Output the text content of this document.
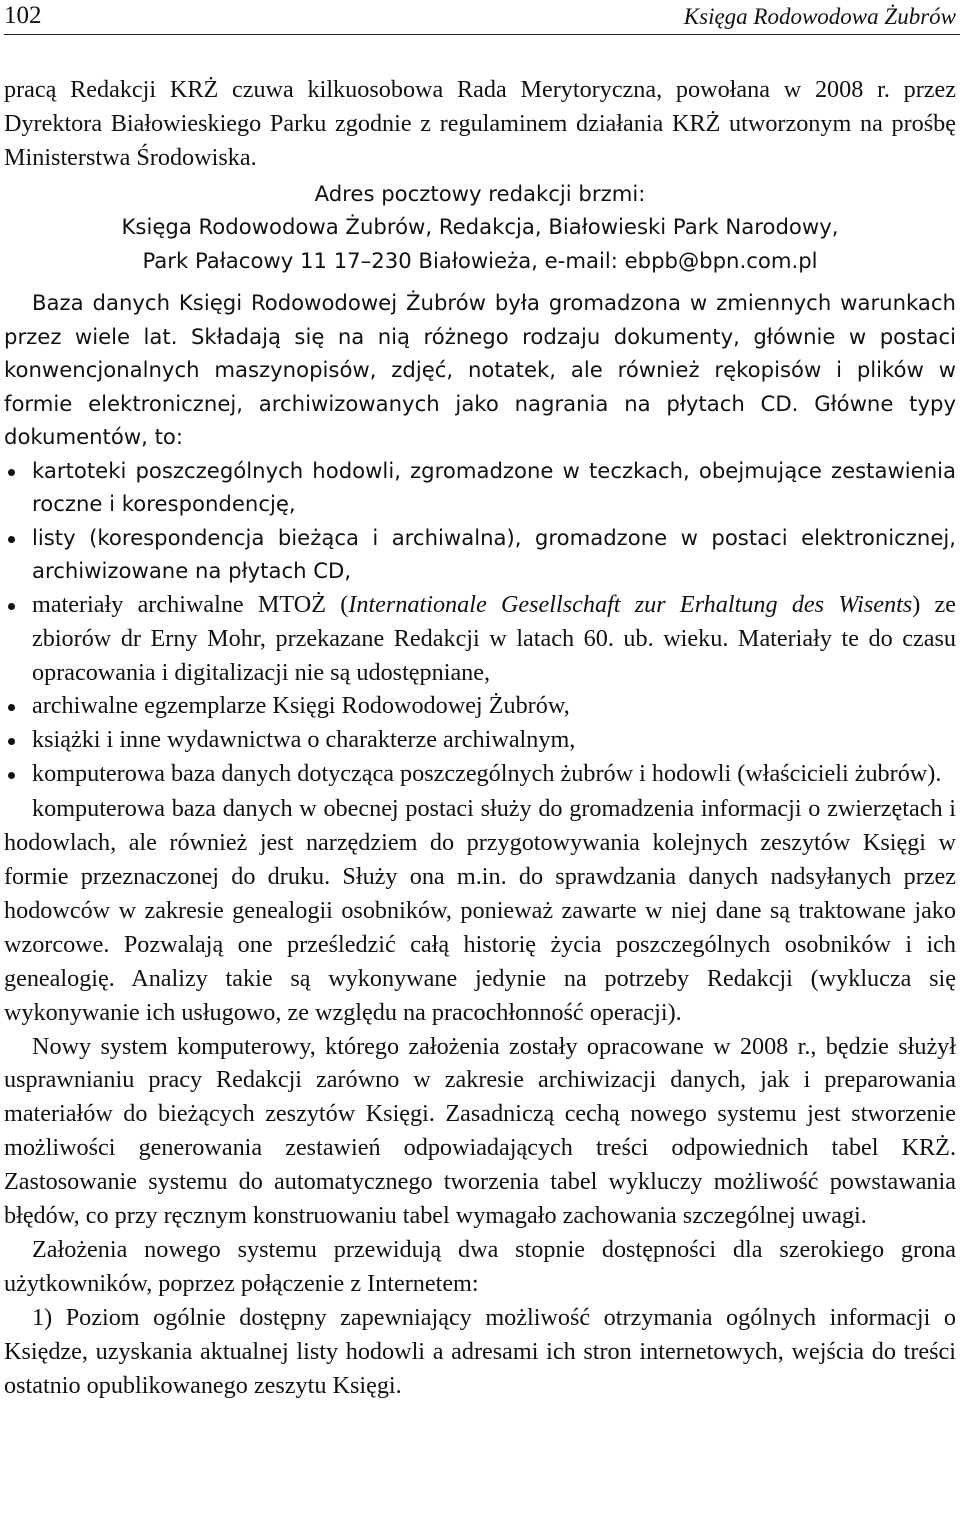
102	Księga Rodowodowa Żubrów

pracą Redakcji KRŻ czuwa kilkuosobowa Rada Merytoryczna, powołana w 2008 r. przez Dyrektora Białowieskiego Parku zgodnie z regulaminem działania KRŻ utworzonym na prośbę Ministerstwa Środowiska.

Adres pocztowy redakcji brzmi:
Księga Rodowodowa Żubrów, Redakcja, Białowieski Park Narodowy,
Park Pałacowy 11 17–230 Białowieża, e-mail: ebpb@bpn.com.pl

Baza danych Księgi Rodowodowej Żubrów była gromadzona w zmiennych warunkach przez wiele lat. Składają się na nią różnego rodzaju dokumenty, głównie w postaci konwencjonalnych maszynopisów, zdjęć, notatek, ale również rękopisów i plików w formie elektronicznej, archiwizowanych jako nagrania na płytach CD. Główne typy dokumentów, to:

kartoteki poszczególnych hodowli, zgromadzone w teczkach, obejmujące zestawienia roczne i korespondencję,
listy (korespondencja bieżąca i archiwalna), gromadzone w postaci elektronicznej, archiwizowane na płytach CD,
materiały archiwalne MTOŻ (Internationale Gesellschaft zur Erhaltung des Wisents) ze zbiorów dr Erny Mohr, przekazane Redakcji w latach 60. ub. wieku. Materiały te do czasu opracowania i digitalizacji nie są udostępniane,
archiwalne egzemplarze Księgi Rodowodowej Żubrów,
książki i inne wydawnictwa o charakterze archiwalnym,
komputerowa baza danych dotycząca poszczególnych żubrów i hodowli (właścicieli żubrów).

komputerowa baza danych w obecnej postaci służy do gromadzenia informacji o zwierzętach i hodowlach, ale również jest narzędziem do przygotowywania kolejnych zeszytów Księgi w formie przeznaczonej do druku. Służy ona m.in. do sprawdzania danych nadsyłanych przez hodowców w zakresie genealogii osobników, ponieważ zawarte w niej dane są traktowane jako wzorcowe. Pozwalają one prześledzić całą historię życia poszczególnych osobników i ich genealogię. Analizy takie są wykonywane jedynie na potrzeby Redakcji (wyklucza się wykonywanie ich usługowo, ze względu na pracochłonność operacji).

Nowy system komputerowy, którego założenia zostały opracowane w 2008 r., będzie służył usprawnianiu pracy Redakcji zarówno w zakresie archiwizacji danych, jak i preparowania materiałów do bieżących zeszytów Księgi. Zasadniczą cechą nowego systemu jest stworzenie możliwości generowania zestawień odpowiadających treści odpowiednich tabel KRŻ. Zastosowanie systemu do automatycznego tworzenia tabel wykluczy możliwość powstawania błędów, co przy ręcznym konstruowaniu tabel wymagało zachowania szczególnej uwagi.

Założenia nowego systemu przewidują dwa stopnie dostępności dla szerokiego grona użytkowników, poprzez połączenie z Internetem:

1) Poziom ogólnie dostępny zapewniający możliwość otrzymania ogólnych informacji o Księdze, uzyskania aktualnej listy hodowli a adresami ich stron internetowych, wejścia do treści ostatnio opublikowanego zeszytu Księgi.
